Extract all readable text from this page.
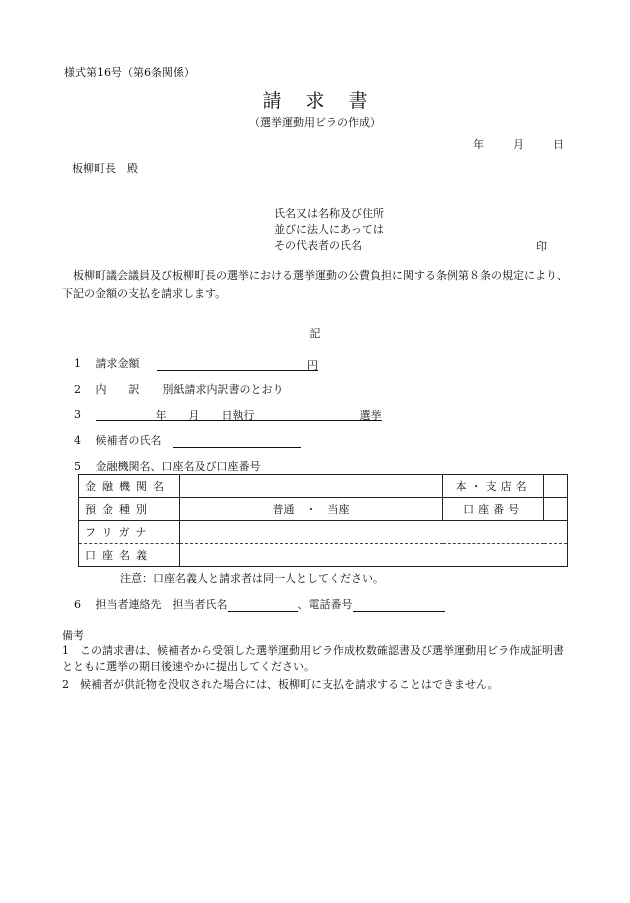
様式第16号（第6条関係）
請求書
（選挙運動用ビラの作成）
年	月	日
板柳町長　殿
氏名又は名称及び住所
並びに法人にあっては
その代表者の氏名	印
板柳町議会議員及び板柳町長の選挙における選挙運動の公費負担に関する条例第８条の規定により、下記の金額の支払を請求します。
記
1 請求金額	円
2 内　　訳 別紙請求内訳書のとおり
3	年 月 日執行	選挙
4 候補者の氏名
5 金融機関名、口座名及び口座番号
金融機関名		本・支店名	
預金種別	普通　・　当座	口座番号	
フリガナ			
口座名義			
注意：口座名義人と請求者は同一人としてください。
6 担当者連絡先　担当者氏名	、電話番号
備考
1　この請求書は、候補者から受領した選挙運動用ビラ作成枚数確認書及び選挙運動用ビラ作成証明書とともに選挙の期日後速やかに提出してください。
2　候補者が供託物を没収された場合には、板柳町に支払を請求することはできません。
